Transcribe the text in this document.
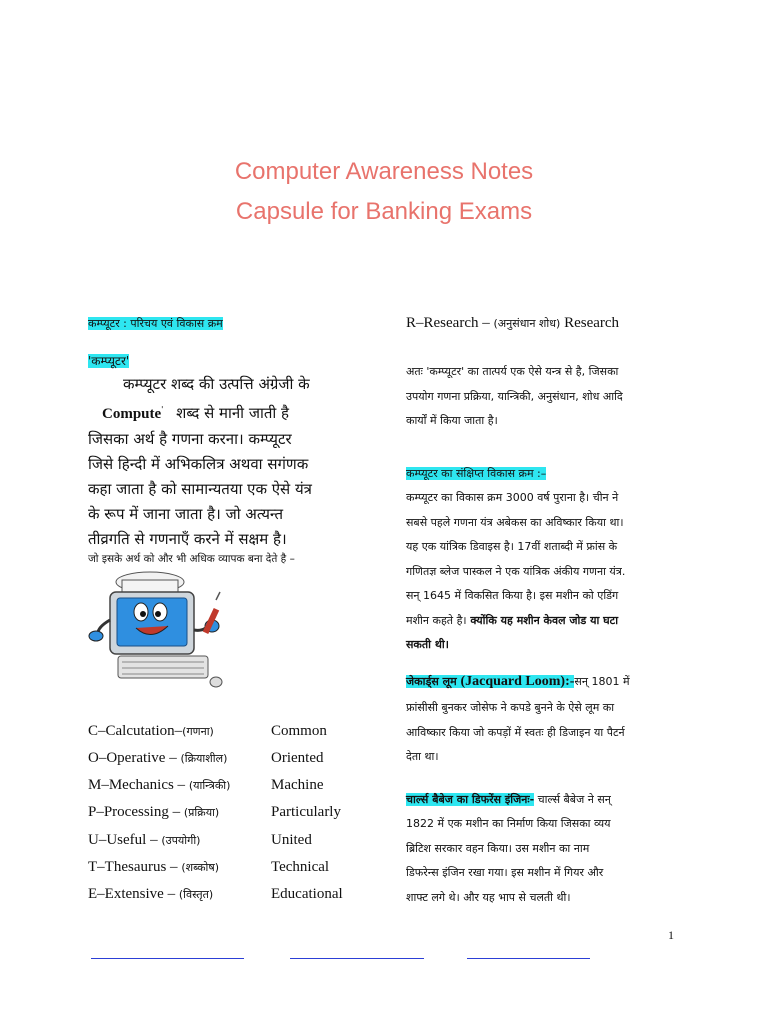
Computer Awareness Notes
Capsule for Banking Exams
कम्प्यूटर : परिचय एवं विकास क्रम
'कम्प्यूटर'
कम्प्यूटर शब्द की उत्पत्ति अंग्रेजी के
Compute' शब्द से मानी जाती है
जिसका अर्थ है गणना करना। कम्प्यूटर
जिसे हिन्दी में अभिकलित्र अथवा सगंणक
कहा जाता है को सामान्यतया एक ऐसे यंत्र
के रूप में जाना जाता है। जो अत्यन्त
तीव्रगति से गणनाएँ करने में सक्षम है।
जो इसके अर्थ को और भी अधिक व्यापक बना देते है –
C–Calcutation–(गणना)	Common
O–Operative – (क्रियाशील)	Oriented
M–Mechanics – (यान्त्रिकी)	Machine
P–Processing – (प्रक्रिया)	Particularly
U–Useful – (उपयोगी)	United
T–Thesaurus – (शब्कोष)	Technical
E–Extensive – (विस्तृत)	Educational
R–Research – (अनुसंधान शोध) Research
अतः 'कम्प्यूटर' का तात्पर्य एक ऐसे यन्त्र से है, जिसका
उपयोग गणना प्रक्रिया, यान्त्रिकी, अनुसंधान, शोध आदि
कार्यों में किया जाता है।
कम्प्यूटर का संक्षिप्त विकास क्रम :–
कम्प्यूटर का विकास क्रम 3000 वर्ष पुराना है। चीन ने
सबसे पहले गणना यंत्र अबेकस का अविष्कार किया था।
यह एक यांत्रिक डिवाइस है। 17वीं शताब्दी में फ्रांस के
गणितज्ञ ब्लेज पास्कल ने एक यांत्रिक अंकीय गणना यंत्र.
सन् 1645 में विकसित किया है। इस मशीन को एडिंग
मशीन कहते है। क्योंकि यह मशीन केवल जोड या घटा
सकती थी।
जेकार्ड्स लूम (Jacquard Loom):-सन् 1801 में
फ्रांसीसी बुनकर जोसेफ ने कपडे बुनने के ऐसे लूम का
आविष्कार किया जो कपड़ों में स्वतः ही डिजाइन या पैटर्न
देता था।
चार्ल्स बैबेज का डिफरेंस इंजिनः- चार्ल्स बैबेज ने सन्
1822 में एक मशीन का निर्माण किया जिसका व्यय
ब्रिटिश सरकार वहन किया। उस मशीन का नाम
डिफरेन्स इंजिन रखा गया। इस मशीन में गियर और
शाफ्ट लगे थे। और यह भाप से चलती थी।
1
